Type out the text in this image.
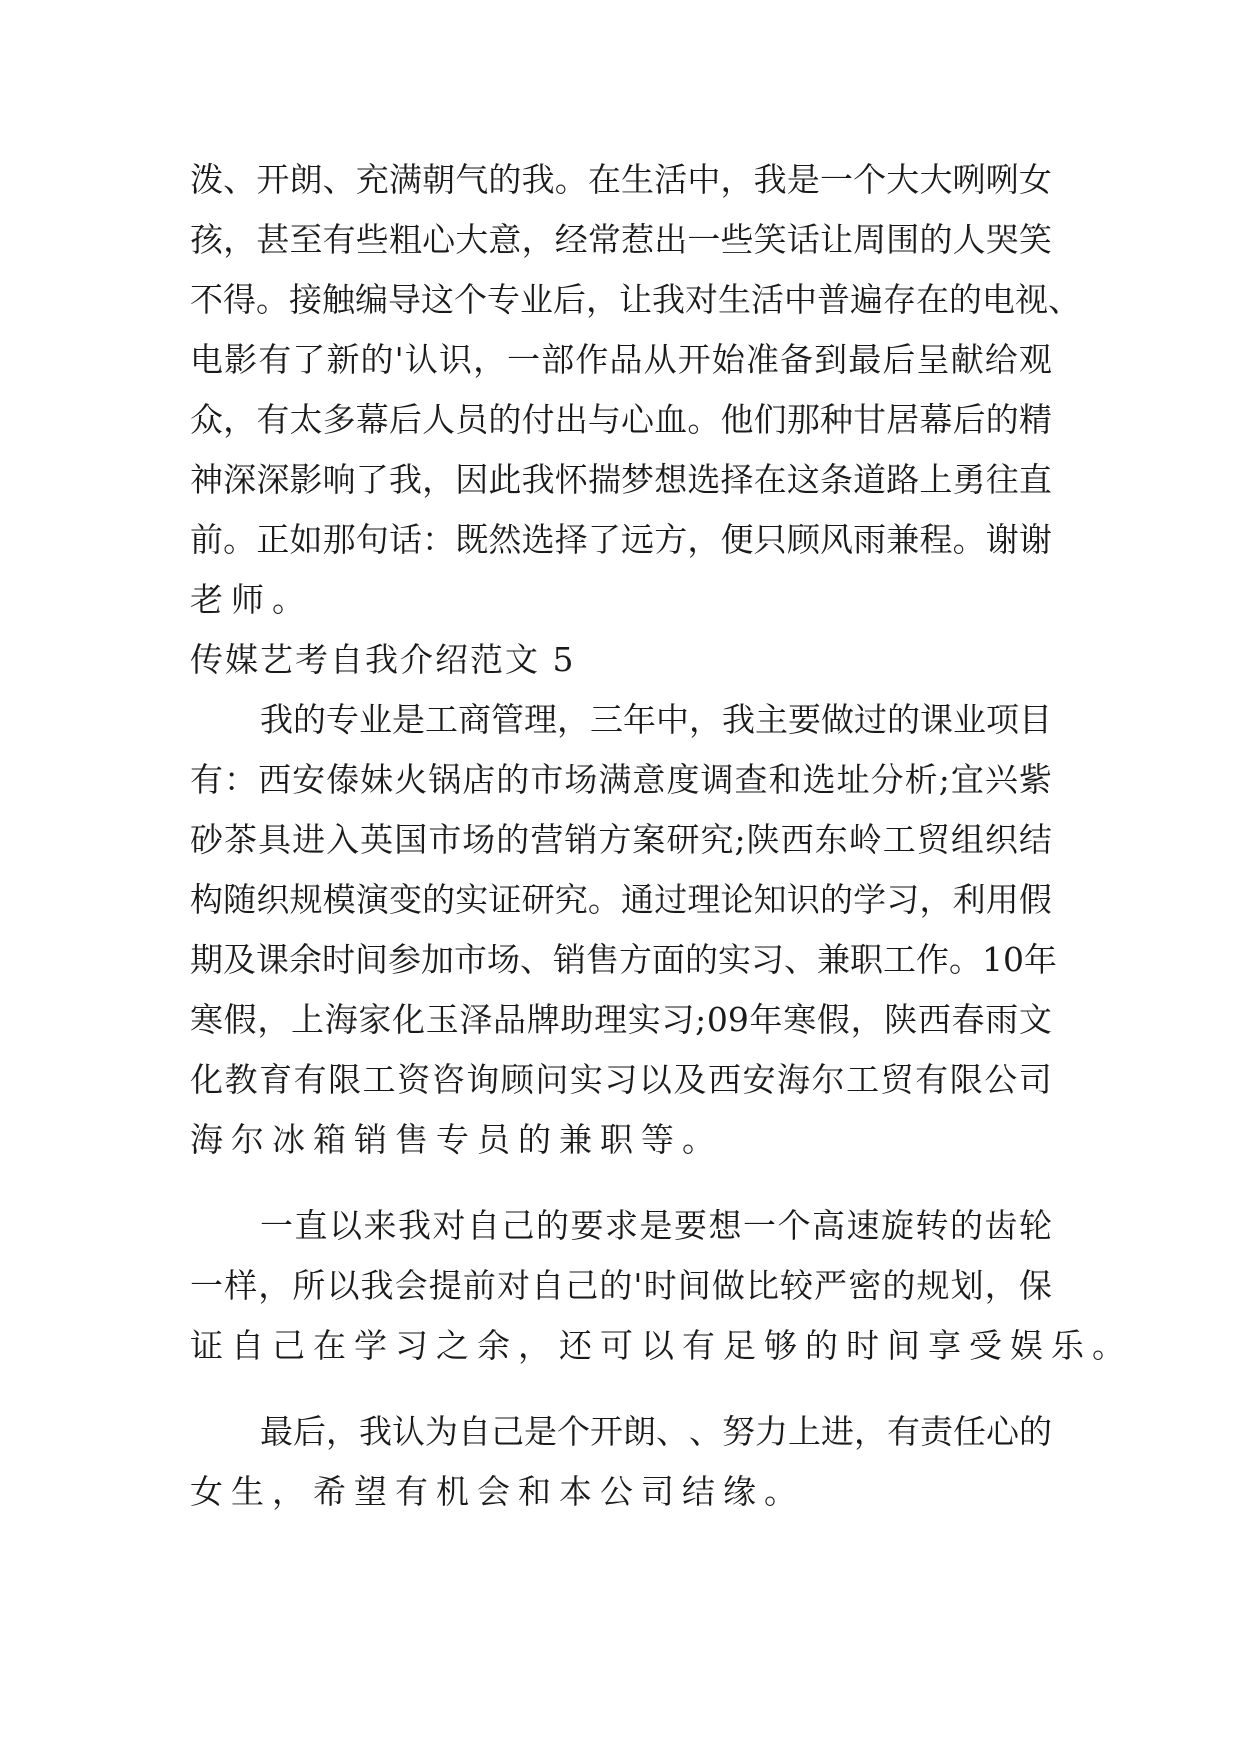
泼 、 开 朗 、 充 满 朝 气 的 我 。 在 生 活 中 ， 我 是 一 个 大 大 咧 咧 女
孩 ， 甚 至 有 些 粗 心 大 意 ， 经 常 惹 出 一 些 笑 话 让 周 围 的 人 哭 笑
不 得 。 接 触 编 导 这 个 专 业 后 ， 让 我 对 生 活 中 普 遍 存 在 的 电 视 、
电 影 有 了 新 的 ' 认 识 ， 一 部 作 品 从 开 始 准 备 到 最 后 呈 献 给 观
众 ， 有 太 多 幕 后 人 员 的 付 出 与 心 血 。 他 们 那 种 甘 居 幕 后 的 精
神 深 深 影 响 了 我 ， 因 此 我 怀 揣 梦 想 选 择 在 这 条 道 路 上 勇 往 直
前 。 正 如 那 句 话 ： 既 然 选 择 了 远 方 ， 便 只 顾 风 雨 兼 程 。 谢 谢
老师。
传媒艺考自我介绍范文 5
我 的 专 业 是 工 商 管 理 ， 三 年 中 ， 我 主 要 做 过 的 课 业 项 目
有 ： 西 安 傣 妹 火 锅 店 的 市 场 满 意 度 调 查 和 选 址 分 析 ; 宜 兴 紫
砂 茶 具 进 入 英 国 市 场 的 营 销 方 案 研 究 ; 陕 西 东 岭 工 贸 组 织 结
构 随 织 规 模 演 变 的 实 证 研 究 。 通 过 理 论 知 识 的 学 习 ， 利 用 假
期 及 课 余 时 间 参 加 市 场 、 销 售 方 面 的 实 习 、 兼 职 工 作 。 10 年
寒 假 ， 上 海 家 化 玉 泽 品 牌 助 理 实 习 ; 09 年 寒 假 ， 陕 西 春 雨 文
化 教 育 有 限 工 资 咨 询 顾 问 实 习 以 及 西 安 海 尔 工 贸 有 限 公 司
海尔冰箱销售专员的兼职等。
一 直 以 来 我 对 自 己 的 要 求 是 要 想 一 个 高 速 旋 转 的 齿 轮
一 样 ， 所 以 我 会 提 前 对 自 己 的 ' 时 间 做 比 较 严 密 的 规 划 ， 保
证自己在学习之余，还可以有足够的时间享受娱乐。
最 后 ， 我 认 为 自 己 是 个 开 朗 、 、 努 力 上 进 ， 有 责 任 心 的
女生，希望有机会和本公司结缘。
